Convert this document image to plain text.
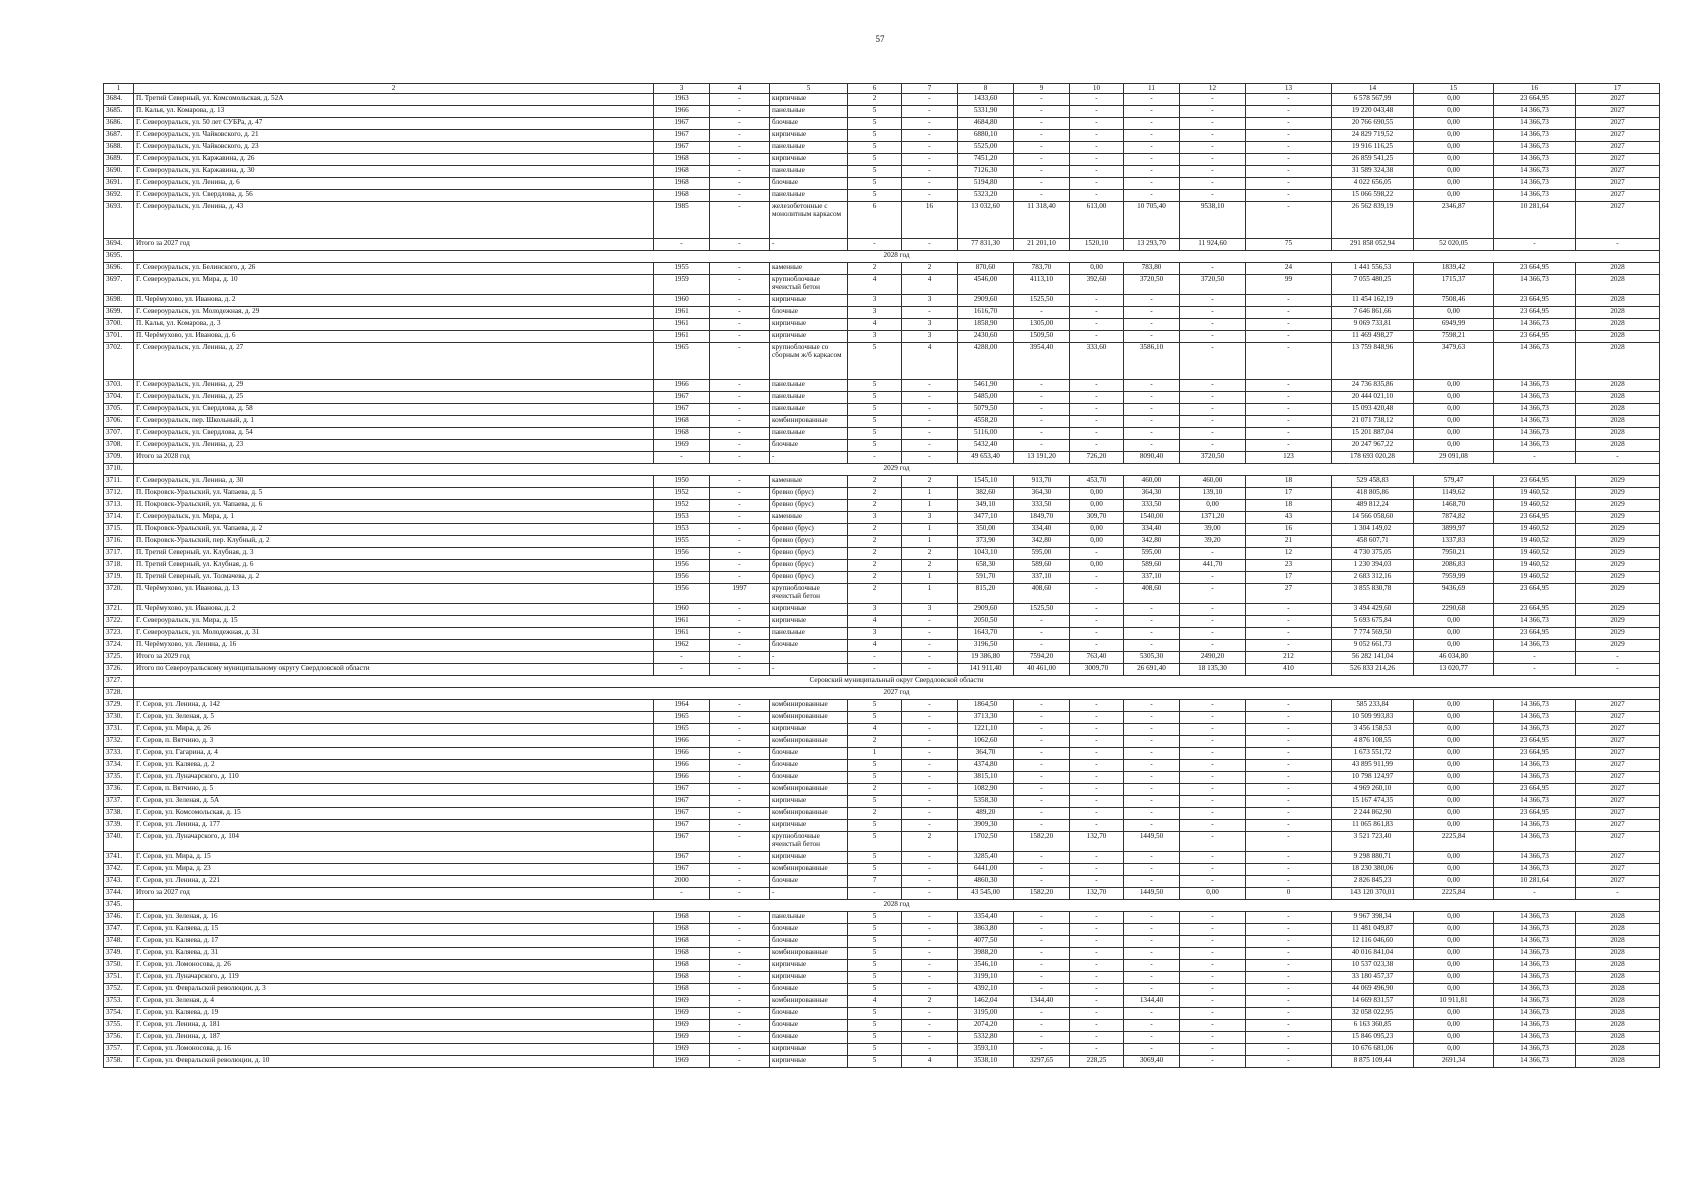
57
1	2	3	4	5	6	7	8	9	10	11	12	13	14	15	16	17
3684.	П. Третий Северный, ул. Комсомольская, д. 52А	1963	-	кирпичные	2	-	1433,60	-	-	-	-	-	6 578 567,99	0,00	23 664,95	2027
3685.	П. Калья, ул. Комарова, д. 13	1966	-	панельные	5	-	5331,90	-	-	-	-	-	19 220 043,48	0,00	14 366,73	2027
3686.	Г. Североуральск, ул. 50 лет СУБРа, д. 47	1967	-	блочные	5	-	4684,80	-	-	-	-	-	20 766 690,55	0,00	14 366,73	2027
3687.	Г. Североуральск, ул. Чайковского, д. 21	1967	-	кирпичные	5	-	6880,10	-	-	-	-	-	24 829 719,52	0,00	14 366,73	2027
3688.	Г. Североуральск, ул. Чайковского, д. 23	1967	-	панельные	5	-	5525,00	-	-	-	-	-	19 916 116,25	0,00	14 366,73	2027
3689.	Г. Североуральск, ул. Каржавина, д. 26	1968	-	кирпичные	5	-	7451,20	-	-	-	-	-	26 859 541,25	0,00	14 366,73	2027
3690.	Г. Североуральск, ул. Каржавина, д. 30	1968	-	панельные	5	-	7126,30	-	-	-	-	-	31 589 324,38	0,00	14 366,73	2027
3691.	Г. Североуральск, ул. Ленина, д. 6	1968	-	блочные	5	-	5194,80	-	-	-	-	-	4 022 656,05	0,00	14 366,73	2027
3692.	Г. Североуральск, ул. Свердлова, д. 56	1968	-	панельные	5	-	5323,20	-	-	-	-	-	15 066 598,22	0,00	14 366,73	2027
3693.	Г. Североуральск, ул. Ленина, д. 43	1985	-	железобетонные с монолитным каркасом	6	16	13 032,60	11 318,40	613,00	10 705,40	9538,10	-	26 562 839,19	2346,87	10 281,64	2027
3694.	Итого за 2027 год	-	-	-	-	-	77 831,30	21 201,10	1520,10	13 293,70	11 924,60	75	291 858 052,94	52 020,05	-	-
3695.	2028 год															
3696.	Г. Североуральск, ул. Белинского, д. 26	1955	-	каменные	2	2	870,60	783,70	0,00	783,80	-	24	1 441 556,53	1839,42	23 664,95	2028
3697.	Г. Североуральск, ул. Мира, д. 10	1959	-	крупноблочные ячеистый бетон	4	4	4546,00	4113,10	392,60	3720,50	3720,50	99	7 055 480,25	1715,37	14 366,73	2028
3698.	П. Черёмухово, ул. Иванова, д. 2	1960	-	кирпичные	3	3	2909,60	1525,50	-	-	-	-	11 454 162,19	7508,46	23 664,95	2028
3699.	Г. Североуральск, ул. Молодежная, д. 29	1961	-	блочные	3	-	1616,70	-	-	-	-	-	7 646 861,66	0,00	23 664,95	2028
3700.	П. Калья, ул. Комарова, д. 3	1961	-	кирпичные	4	3	1858,90	1305,00	-	-	-	-	9 069 733,81	6949,99	14 366,73	2028
3701.	П. Черёмухово, ул. Иванова, д. 6	1961	-	кирпичные	3	3	2430,60	1509,50	-	-	-	-	11 469 498,27	7598,21	23 664,95	2028
3702.	Г. Североуральск, ул. Ленина, д. 27	1965	-	крупноблочные со сборным ж/б каркасом	5	4	4288,00	3954,40	333,60	3586,10	-	-	13 759 848,96	3479,63	14 366,73	2028
3703.	Г. Североуральск, ул. Ленина, д. 29	1966	-	панельные	5	-	5461,90	-	-	-	-	-	24 736 835,86	0,00	14 366,73	2028
3704.	Г. Североуральск, ул. Ленина, д. 25	1967	-	панельные	5	-	5485,00	-	-	-	-	-	20 444 021,10	0,00	14 366,73	2028
3705.	Г. Североуральск, ул. Свердлова, д. 58	1967	-	панельные	5	-	5079,50	-	-	-	-	-	15 093 420,48	0,00	14 366,73	2028
3706.	Г. Североуральск, пер. Школьный, д. 1	1968	-	комбинированные	5	-	4558,20	-	-	-	-	-	21 071 738,12	0,00	14 366,73	2028
3707.	Г. Североуральск, ул. Свердлова, д. 54	1968	-	панельные	5	-	5116,00	-	-	-	-	-	15 201 887,04	0,00	14 366,73	2028
3708.	Г. Североуральск, ул. Ленина, д. 23	1969	-	блочные	5	-	5432,40	-	-	-	-	-	20 247 967,22	0,00	14 366,73	2028
3709.	Итого за 2028 год	-	-	-	-	-	49 653,40	13 191,20	726,20	8090,40	3720,50	123	178 693 020,28	29 091,08	-	-
3710.	2029 год															
3711.	Г. Североуральск, ул. Ленина, д. 30	1950	-	каменные	2	2	1545,10	913,70	453,70	460,00	460,00	18	529 458,83	579,47	23 664,95	2029
3712.	П. Покровск-Уральский, ул. Чапаева, д. 5	1952	-	бревно (брус)	2	1	382,60	364,30	0,00	364,30	139,10	17	418 805,86	1149,62	19 460,52	2029
3713.	П. Покровск-Уральский, ул. Чапаева, д. 6	1952	-	бревно (брус)	2	1	349,10	333,50	0,00	333,50	0,00	18	489 812,24	1468,70	19 460,52	2029
3714.	Г. Североуральск, ул. Мира, д. 1	1953	-	каменные	3	3	3477,10	1849,70	309,70	1540,00	1371,20	43	14 566 058,60	7874,82	23 664,95	2029
3715.	П. Покровск-Уральский, ул. Чапаева, д. 2	1953	-	бревно (брус)	2	1	350,00	334,40	0,00	334,40	39,00	16	1 304 149,02	3899,97	19 460,52	2029
3716.	П. Покровск-Уральский, пер. Клубный, д. 2	1955	-	бревно (брус)	2	1	373,90	342,80	0,00	342,80	39,20	21	458 607,71	1337,83	19 460,52	2029
3717.	П. Третий Северный, ул. Клубная, д. 3	1956	-	бревно (брус)	2	2	1043,10	595,00	-	595,00	-	12	4 730 375,05	7950,21	19 460,52	2029
3718.	П. Третий Северный, ул. Клубная, д. 6	1956	-	бревно (брус)	2	2	658,30	589,60	0,00	589,60	441,70	23	1 230 394,03	2086,83	19 460,52	2029
3719.	П. Третий Северный, ул. Толмачева, д. 2	1956	-	бревно (брус)	2	1	591,70	337,10	-	337,10	-	17	2 683 312,16	7959,99	19 460,52	2029
3720.	П. Черёмухово, ул. Иванова, д. 13	1956	1997	крупноблочные ячеистый бетон	2	1	815,20	408,60	-	408,60	-	27	3 855 830,78	9436,69	23 664,95	2029
3721.	П. Черёмухово, ул. Иванова, д. 2	1960	-	кирпичные	3	3	2909,60	1525,50	-	-	-	-	3 494 429,60	2290,68	23 664,95	2029
3722.	Г. Североуральск, ул. Мира, д. 15	1961	-	кирпичные	4	-	2050,50	-	-	-	-	-	5 693 675,84	0,00	14 366,73	2029
3723.	Г. Североуральск, ул. Молодежная, д. 31	1961	-	панельные	3	-	1643,70	-	-	-	-	-	7 774 569,50	0,00	23 664,95	2029
3724.	П. Черёмухово, ул. Ленина, д. 16	1962	-	блочные	4	-	3196,50	-	-	-	-	-	9 052 661,73	0,00	14 366,73	2029
3725.	Итого за 2029 год	-	-	-	-	-	19 386,80	7594,20	763,40	5305,30	2490,20	212	56 282 141,04	46 034,80	-	-
3726.	Итого по Североуральскому муниципальному округу Свердловской области	-	-	-	-	-	141 911,40	40 461,00	3009,70	26 691,40	18 135,30	410	526 833 214,26	13 020,77	-	-
3727.	Серовский муниципальный округ Свердловской области															
3728.	2027 год															
3729.	Г. Серов, ул. Ленина, д. 142	1964	-	комбинированные	5	-	1864,50	-	-	-	-	-	585 233,84	0,00	14 366,73	2027
3730.	Г. Серов, ул. Зеленая, д. 5	1965	-	комбинированные	5	-	3713,30	-	-	-	-	-	10 509 993,83	0,00	14 366,73	2027
3731.	Г. Серов, ул. Мира, д. 26	1965	-	кирпичные	4	-	1221,10	-	-	-	-	-	3 456 158,53	0,00	14 366,73	2027
3732.	Г. Серов, п. Вятчино, д. 3	1966	-	комбинированные	2	-	1062,60	-	-	-	-	-	4 876 108,55	0,00	23 664,95	2027
3733.	Г. Серов, ул. Гагарина, д. 4	1966	-	блочные	1	-	364,70	-	-	-	-	-	1 673 551,72	0,00	23 664,95	2027
3734.	Г. Серов, ул. Каляева, д. 2	1966	-	блочные	5	-	4374,80	-	-	-	-	-	43 895 911,99	0,00	14 366,73	2027
3735.	Г. Серов, ул. Луначарского, д. 110	1966	-	блочные	5	-	3815,10	-	-	-	-	-	10 798 124,97	0,00	14 366,73	2027
3736.	Г. Серов, п. Вятчино, д. 5	1967	-	комбинированные	2	-	1082,90	-	-	-	-	-	4 969 260,10	0,00	23 664,95	2027
3737.	Г. Серов, ул. Зеленая, д. 5А	1967	-	кирпичные	5	-	5358,30	-	-	-	-	-	15 167 474,35	0,00	14 366,73	2027
3738.	Г. Серов, ул. Комсомольская, д. 15	1967	-	комбинированные	2	-	489,20	-	-	-	-	-	2 244 862,90	0,00	23 664,95	2027
3739.	Г. Серов, ул. Ленина, д. 177	1967	-	кирпичные	5	-	3909,30	-	-	-	-	-	11 065 861,83	0,00	14 366,73	2027
3740.	Г. Серов, ул. Луначарского, д. 104	1967	-	крупноблочные ячеистый бетон	5	2	1702,50	1582,20	132,70	1449,50	-	-	3 521 723,40	2225,84	14 366,73	2027
3741.	Г. Серов, ул. Мира, д. 15	1967	-	кирпичные	5	-	3285,40	-	-	-	-	-	9 298 880,71	0,00	14 366,73	2027
3742.	Г. Серов, ул. Мира, д. 23	1967	-	комбинированные	5	-	6441,00	-	-	-	-	-	18 230 380,06	0,00	14 366,73	2027
3743.	Г. Серов, ул. Ленина, д. 221	2000	-	блочные	7	-	4860,30	-	-	-	-	-	2 826 845,23	0,00	10 281,64	2027
3744.	Итого за 2027 год	-	-	-	-	-	43 545,00	1582,20	132,70	1449,50	0,00	0	143 120 370,01	2225,84	-	-
3745.	2028 год															
3746.	Г. Серов, ул. Зеленая, д. 16	1968	-	панельные	5	-	3354,40	-	-	-	-	-	9 967 398,34	0,00	14 366,73	2028
3747.	Г. Серов, ул. Каляева, д. 15	1968	-	блочные	5	-	3863,80	-	-	-	-	-	11 481 049,87	0,00	14 366,73	2028
3748.	Г. Серов, ул. Каляева, д. 17	1968	-	блочные	5	-	4077,50	-	-	-	-	-	12 116 046,60	0,00	14 366,73	2028
3749.	Г. Серов, ул. Каляева, д. 31	1968	-	комбинированные	5	-	3988,20	-	-	-	-	-	40 016 841,04	0,00	14 366,73	2028
3750.	Г. Серов, ул. Ломоносова, д. 26	1968	-	кирпичные	5	-	3546,10	-	-	-	-	-	10 537 023,38	0,00	14 366,73	2028
3751.	Г. Серов, ул. Луначарского, д. 119	1968	-	кирпичные	5	-	3199,10	-	-	-	-	-	33 180 457,37	0,00	14 366,73	2028
3752.	Г. Серов, ул. Февральской революции, д. 3	1968	-	блочные	5	-	4392,10	-	-	-	-	-	44 069 496,90	0,00	14 366,73	2028
3753.	Г. Серов, ул. Зеленая, д. 4	1969	-	комбинированные	4	2	1462,04	1344,40	-	1344,40	-	-	14 669 831,57	10 911,81	14 366,73	2028
3754.	Г. Серов, ул. Каляева, д. 19	1969	-	блочные	5	-	3195,00	-	-	-	-	-	32 058 022,95	0,00	14 366,73	2028
3755.	Г. Серов, ул. Ленина, д. 181	1969	-	блочные	5	-	2074,20	-	-	-	-	-	6 163 360,85	0,00	14 366,73	2028
3756.	Г. Серов, ул. Ленина, д. 187	1969	-	блочные	5	-	5332,80	-	-	-	-	-	15 846 095,23	0,00	14 366,73	2028
3757.	Г. Серов, ул. Ломоносова, д. 16	1969	-	кирпичные	5	-	3593,10	-	-	-	-	-	10 676 681,06	0,00	14 366,73	2028
3758.	Г. Серов, ул. Февральской революции, д. 10	1969	-	кирпичные	5	4	3538,10	3297,65	228,25	3069,40	-	-	8 875 109,44	2691,34	14 366,73	2028
